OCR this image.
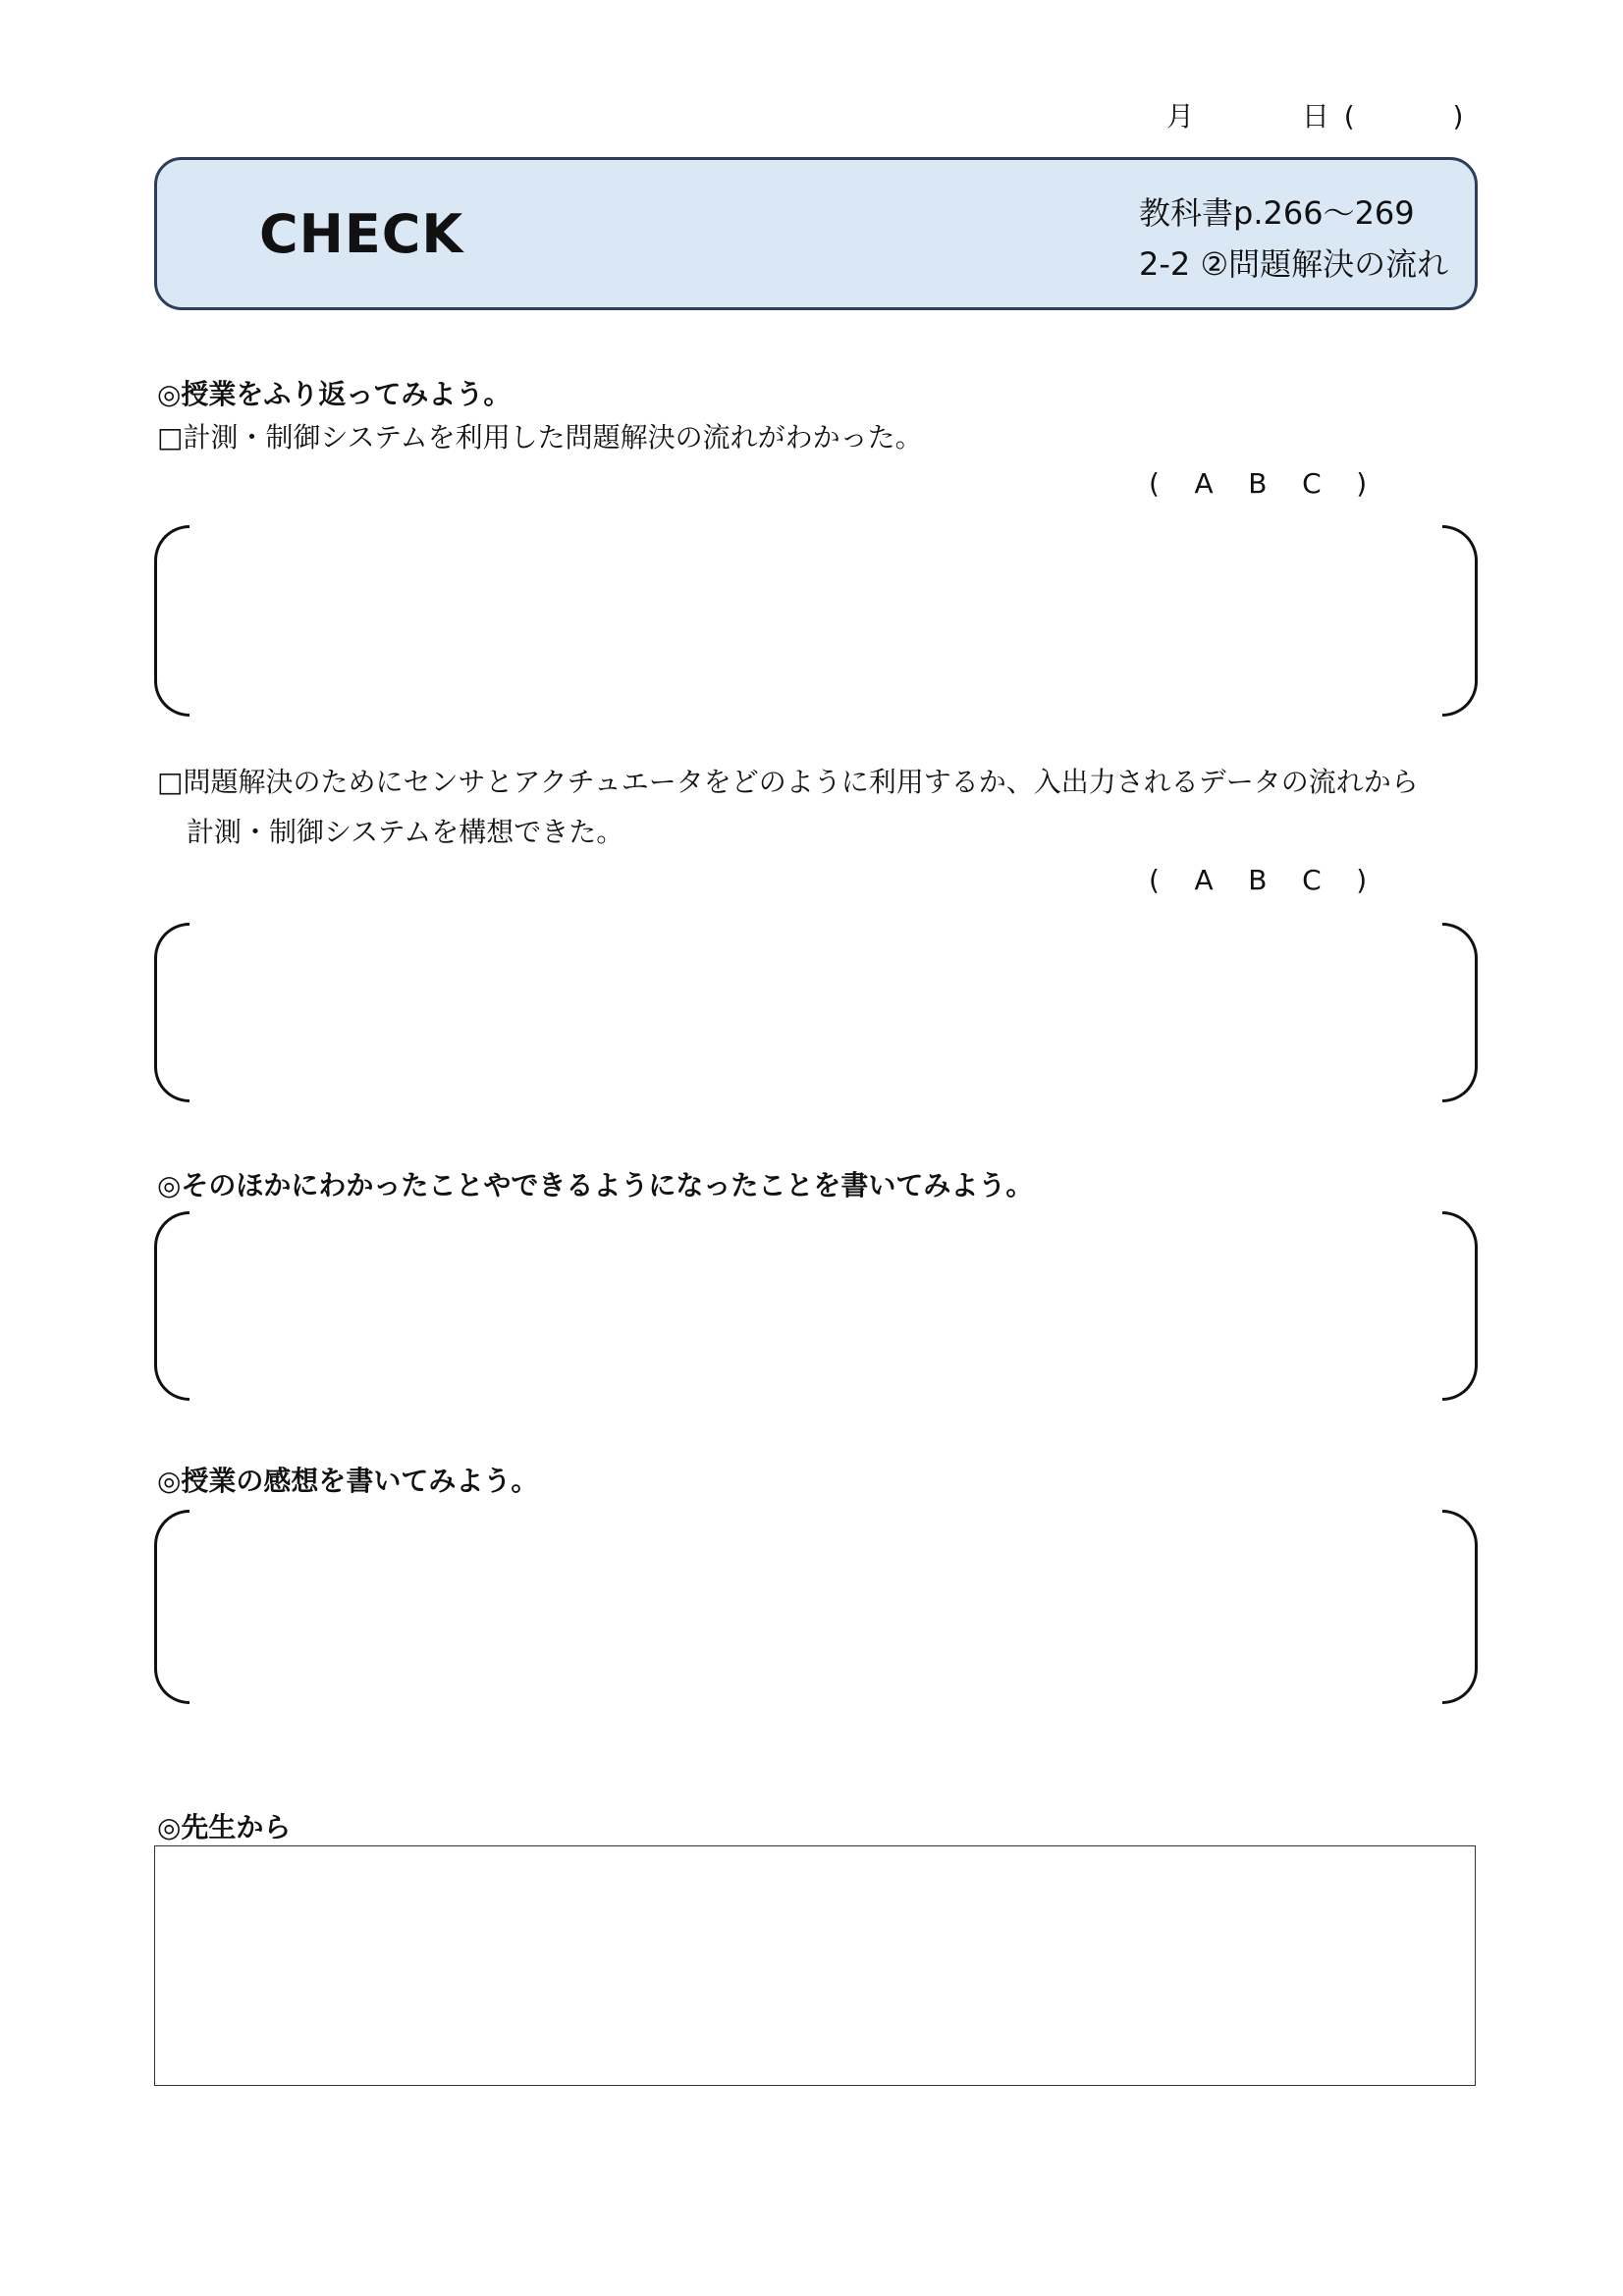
月	日 (	)
CHECK	教科書p.266～269
2-2 ②問題解決の流れ
◎授業をふり返ってみよう。
□計測・制御システムを利用した問題解決の流れがわかった。
(    A B C    )
□問題解決のためにセンサとアクチュエータをどのように利用するか、入出力されるデータの流れから
計測・制御システムを構想できた。
(    A B C    )
◎そのほかにわかったことやできるようになったことを書いてみよう。
◎授業の感想を書いてみよう。
◎先生から
